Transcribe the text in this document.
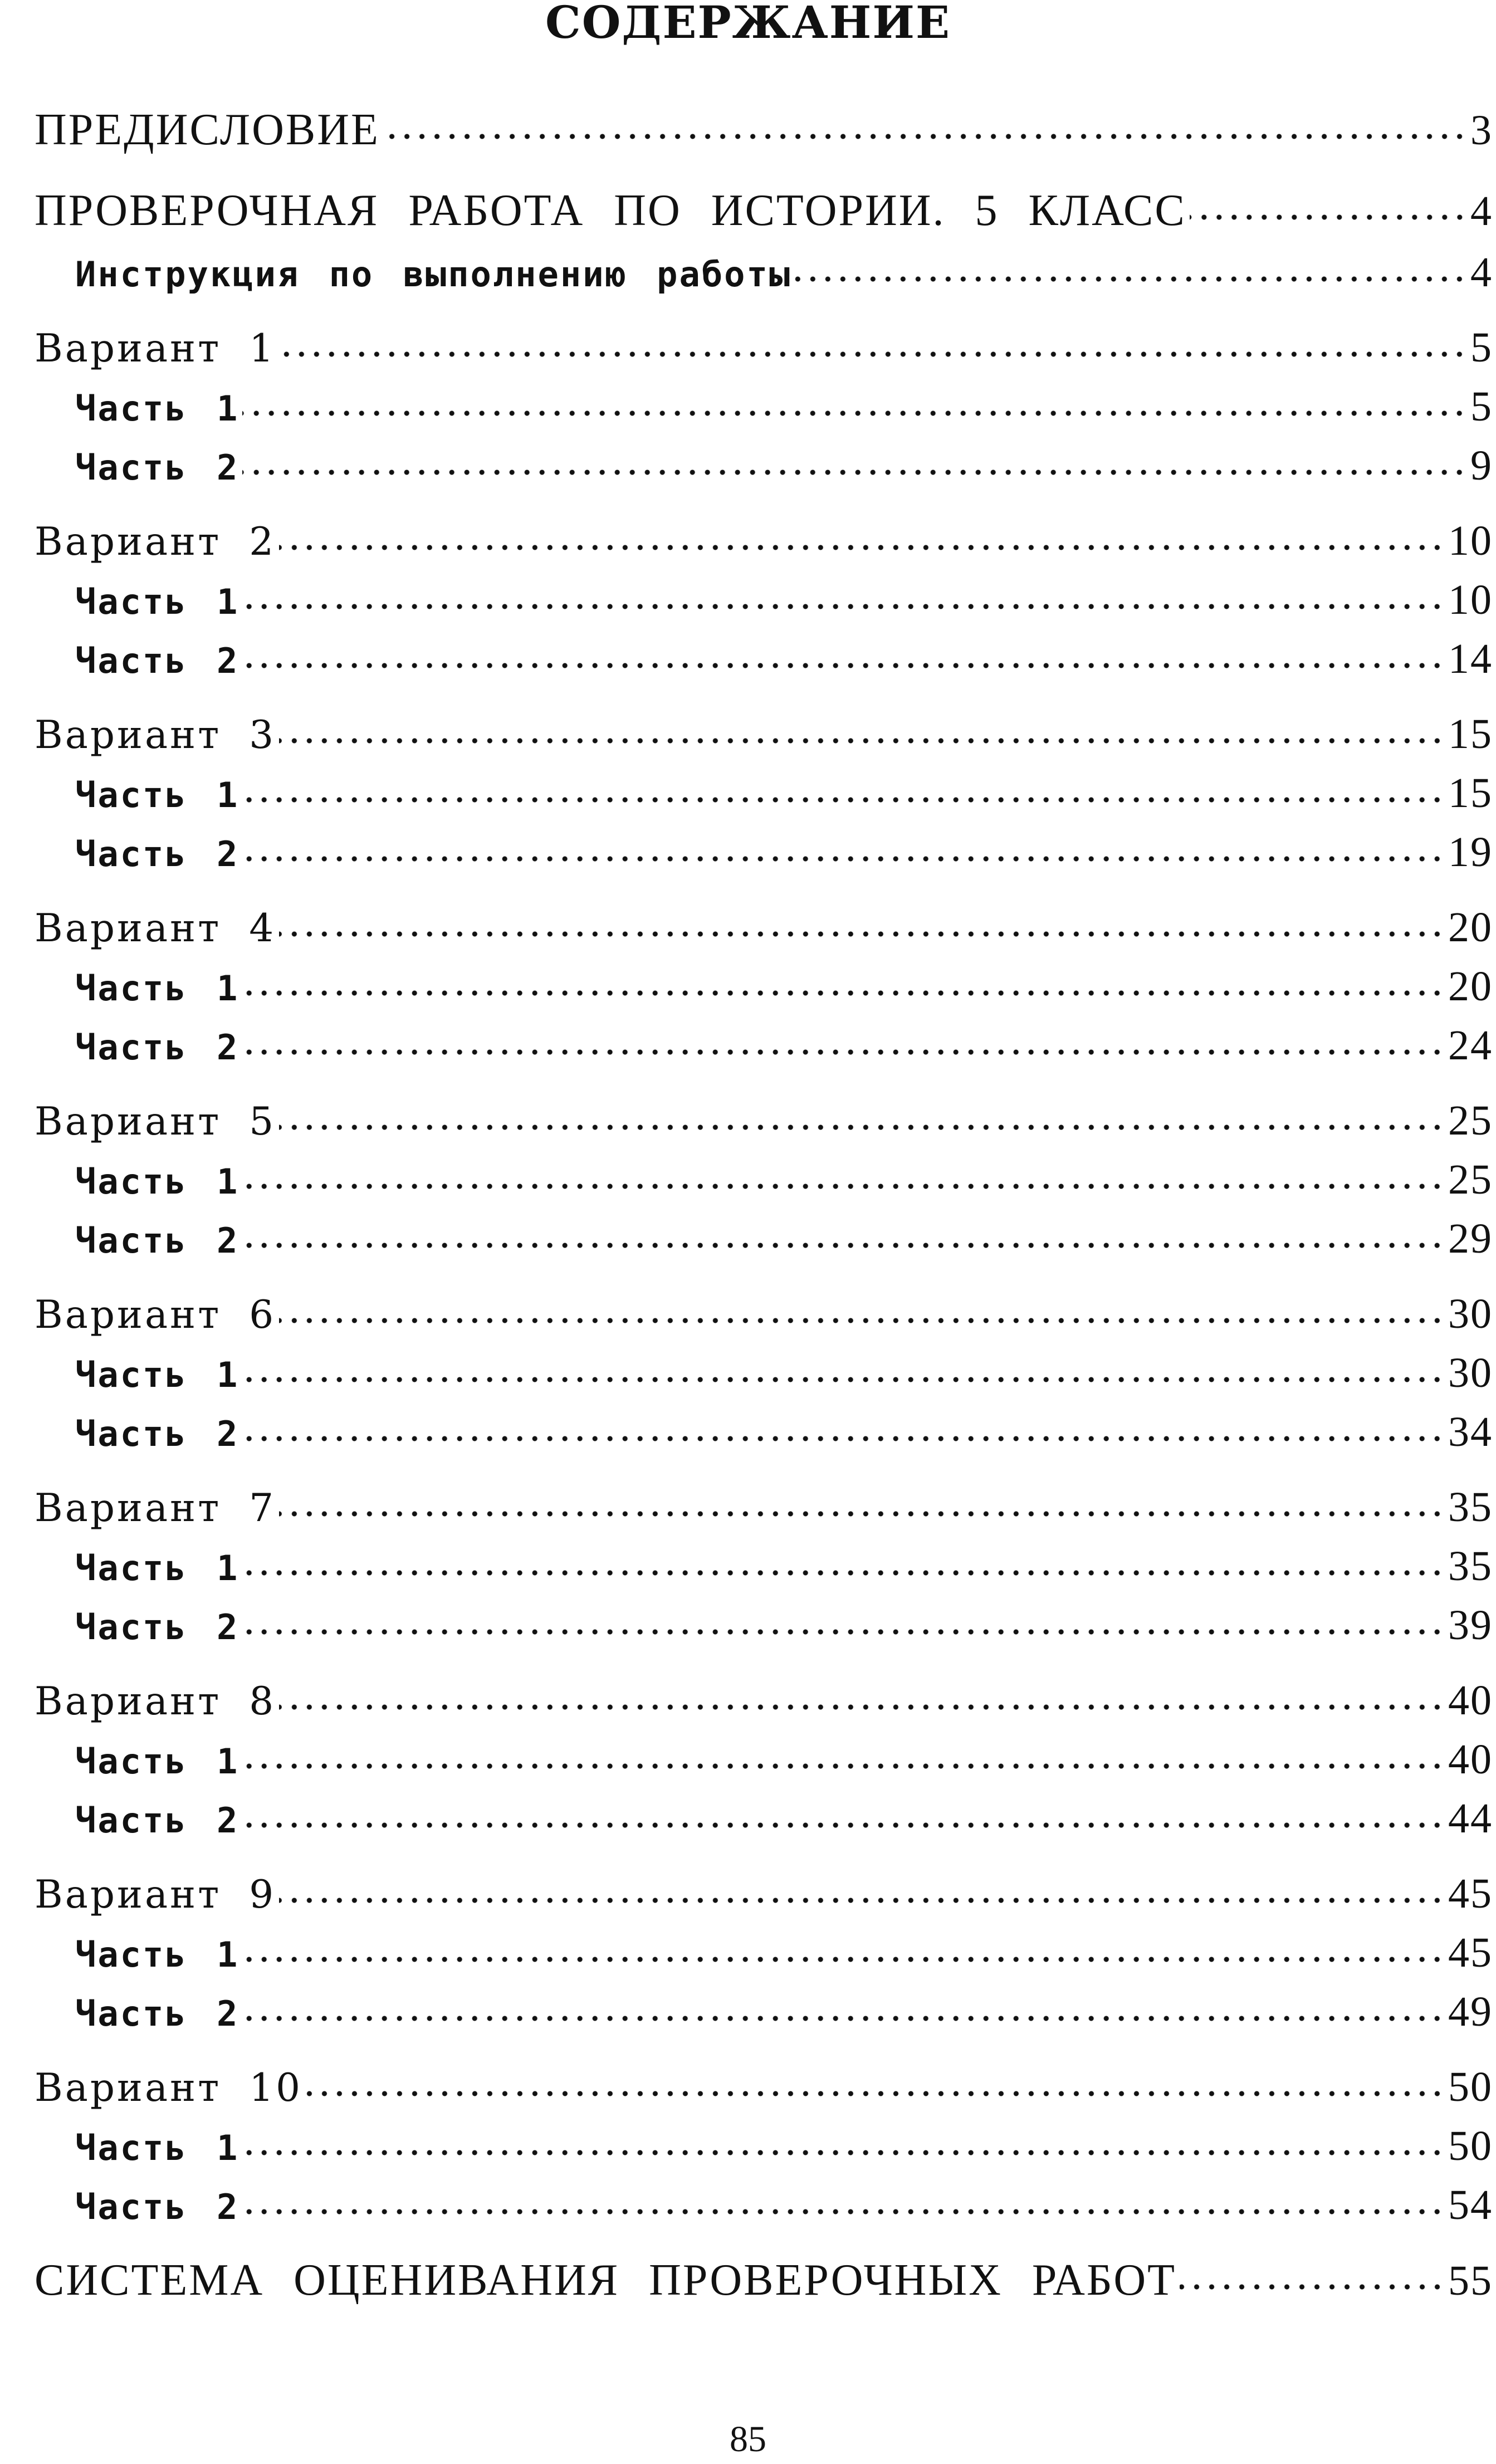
СОДЕРЖАНИЕ
ПРЕДИСЛОВИЕ	3
ПРОВЕРОЧНАЯ РАБОТА ПО ИСТОРИИ. 5 КЛАСС	4
Инструкция по выполнению работы	4
Вариант 1	5
Часть 1	5
Часть 2	9
Вариант 2	10
Часть 1	10
Часть 2	14
Вариант 3	15
Часть 1	15
Часть 2	19
Вариант 4	20
Часть 1	20
Часть 2	24
Вариант 5	25
Часть 1	25
Часть 2	29
Вариант 6	30
Часть 1	30
Часть 2	34
Вариант 7	35
Часть 1	35
Часть 2	39
Вариант 8	40
Часть 1	40
Часть 2	44
Вариант 9	45
Часть 1	45
Часть 2	49
Вариант 10	50
Часть 1	50
Часть 2	54
СИСТЕМА ОЦЕНИВАНИЯ ПРОВЕРОЧНЫХ РАБОТ	55
85
